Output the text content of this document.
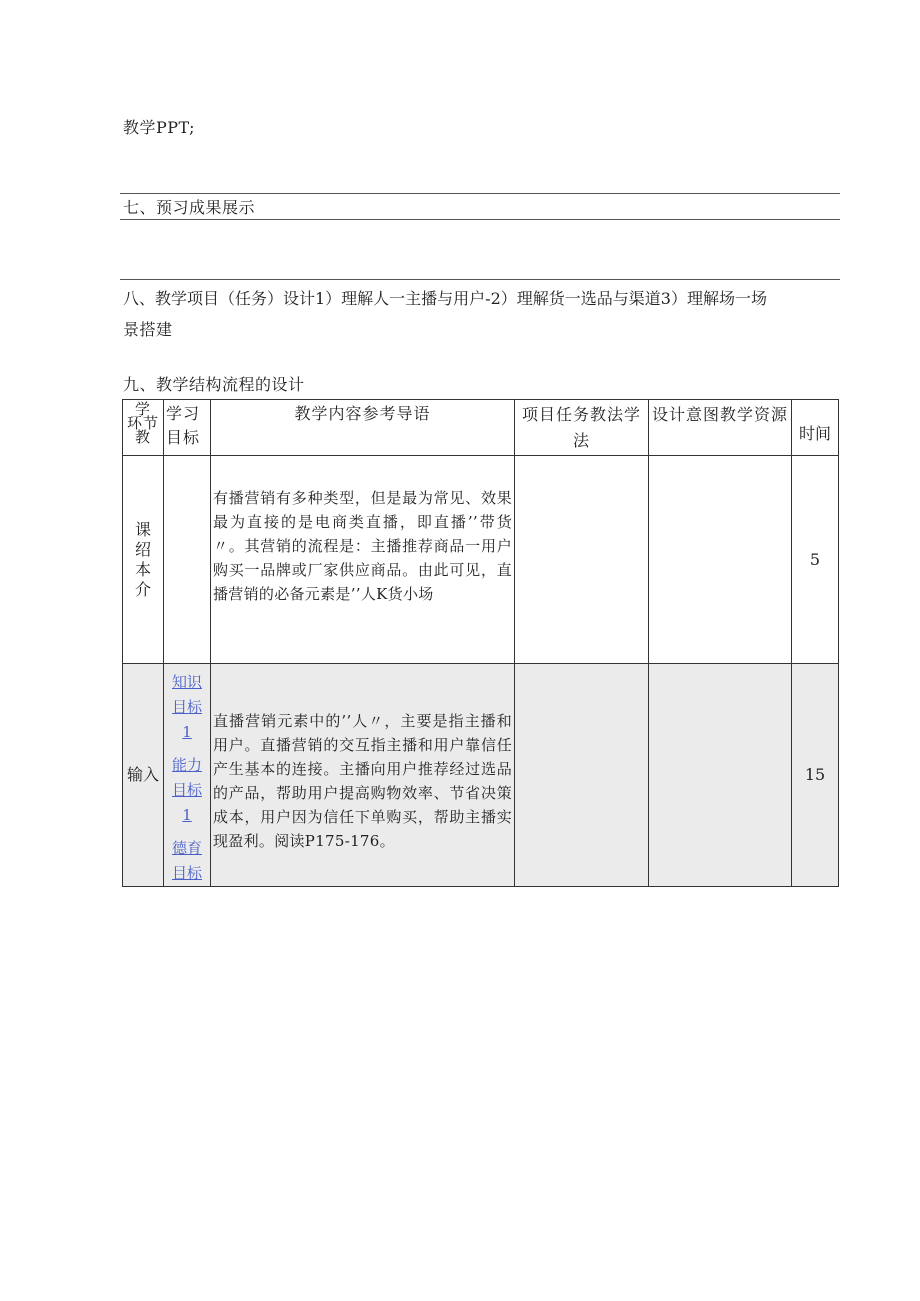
教学PPT;
七、预习成果展示
八、教学项目（任务）设计1）理解人一主播与用户-2）理解货一选品与渠道3）理解场一场
景搭建
九、教学结构流程的设计
学
环节
教	学习目标	教学内容参考导语	项目任务教法学法	设计意图教学资源	时间

课绍本介		有播营销有多种类型，但是最为常见、效果最为直接的是电商类直播，即直播’’带货〃。其营销的流程是：主播推荐商品一用户购买一品牌或厂家供应商品。由此可见，直播营销的必备元素是’’人K货小场			5
输入	知识目标1
能力目标1
德育目标	直播营销元素中的’’人〃，主要是指主播和用户。直播营销的交互指主播和用户靠信任产生基本的连接。主播向用户推荐经过选品的产品，帮助用户提高购物效率、节省决策成本，用户因为信任下单购买，帮助主播实现盈利。阅读P175-176。			15
